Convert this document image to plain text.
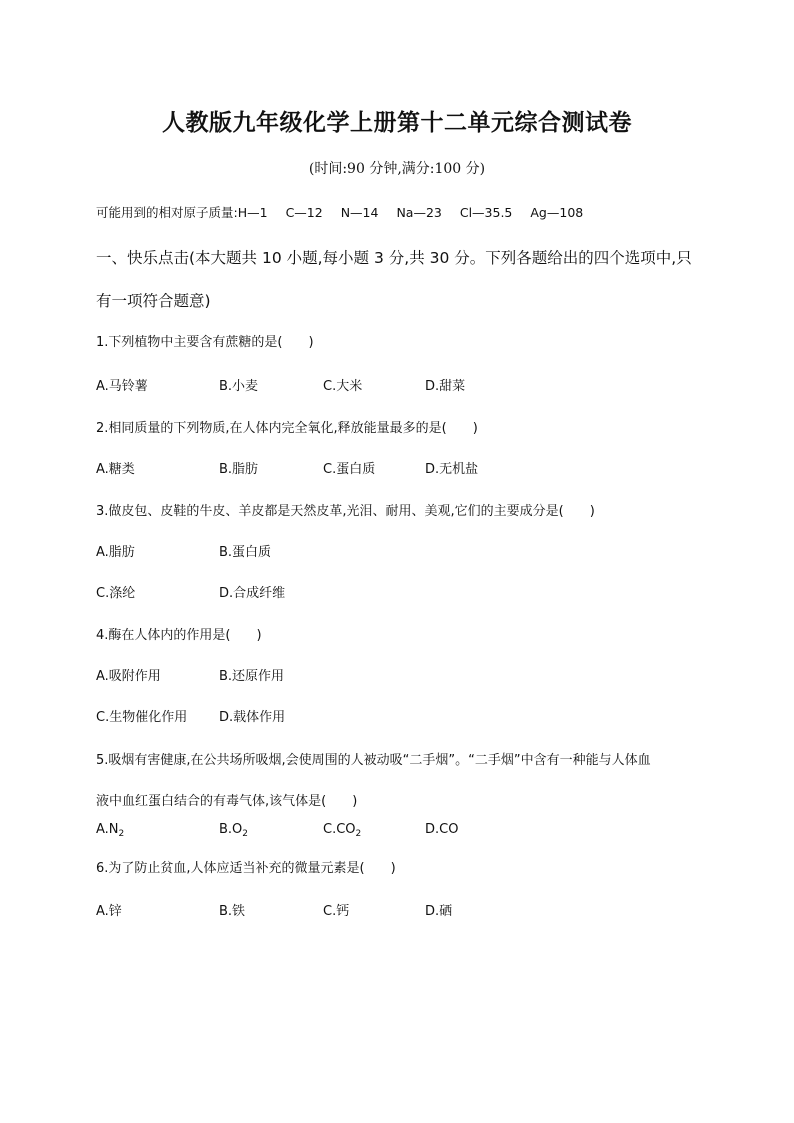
人教版九年级化学上册第十二单元综合测试卷
(时间:90 分钟,满分:100 分)
可能用到的相对原子质量:H—1 C—12 N—14 Na—23 Cl—35.5 Ag—108
一、快乐点击(本大题共 10 小题,每小题 3 分,共 30 分。下列各题给出的四个选项中,只
有一项符合题意)
1.下列植物中主要含有蔗糖的是(　　)
A.马铃薯	B.小麦	C.大米	D.甜菜
2.相同质量的下列物质,在人体内完全氧化,释放能量最多的是(　　)
A.糖类	B.脂肪	C.蛋白质	D.无机盐
3.做皮包、皮鞋的牛皮、羊皮都是天然皮革,光泪、耐用、美观,它们的主要成分是(　　)
A.脂肪	B.蛋白质
C.涤纶	D.合成纤维
4.酶在人体内的作用是(　　)
A.吸附作用	B.还原作用
C.生物催化作用 D.载体作用
5.吸烟有害健康,在公共场所吸烟,会使周围的人被动吸“二手烟”。“二手烟”中含有一种能与人体血
液中血红蛋白结合的有毒气体,该气体是(　　)
$A.N_2$	$B.O_2$	$C.CO_2$	D.CO
6.为了防止贫血,人体应适当补充的微量元素是(　　)
A.锌	B.铁	C.钙	D.硒
